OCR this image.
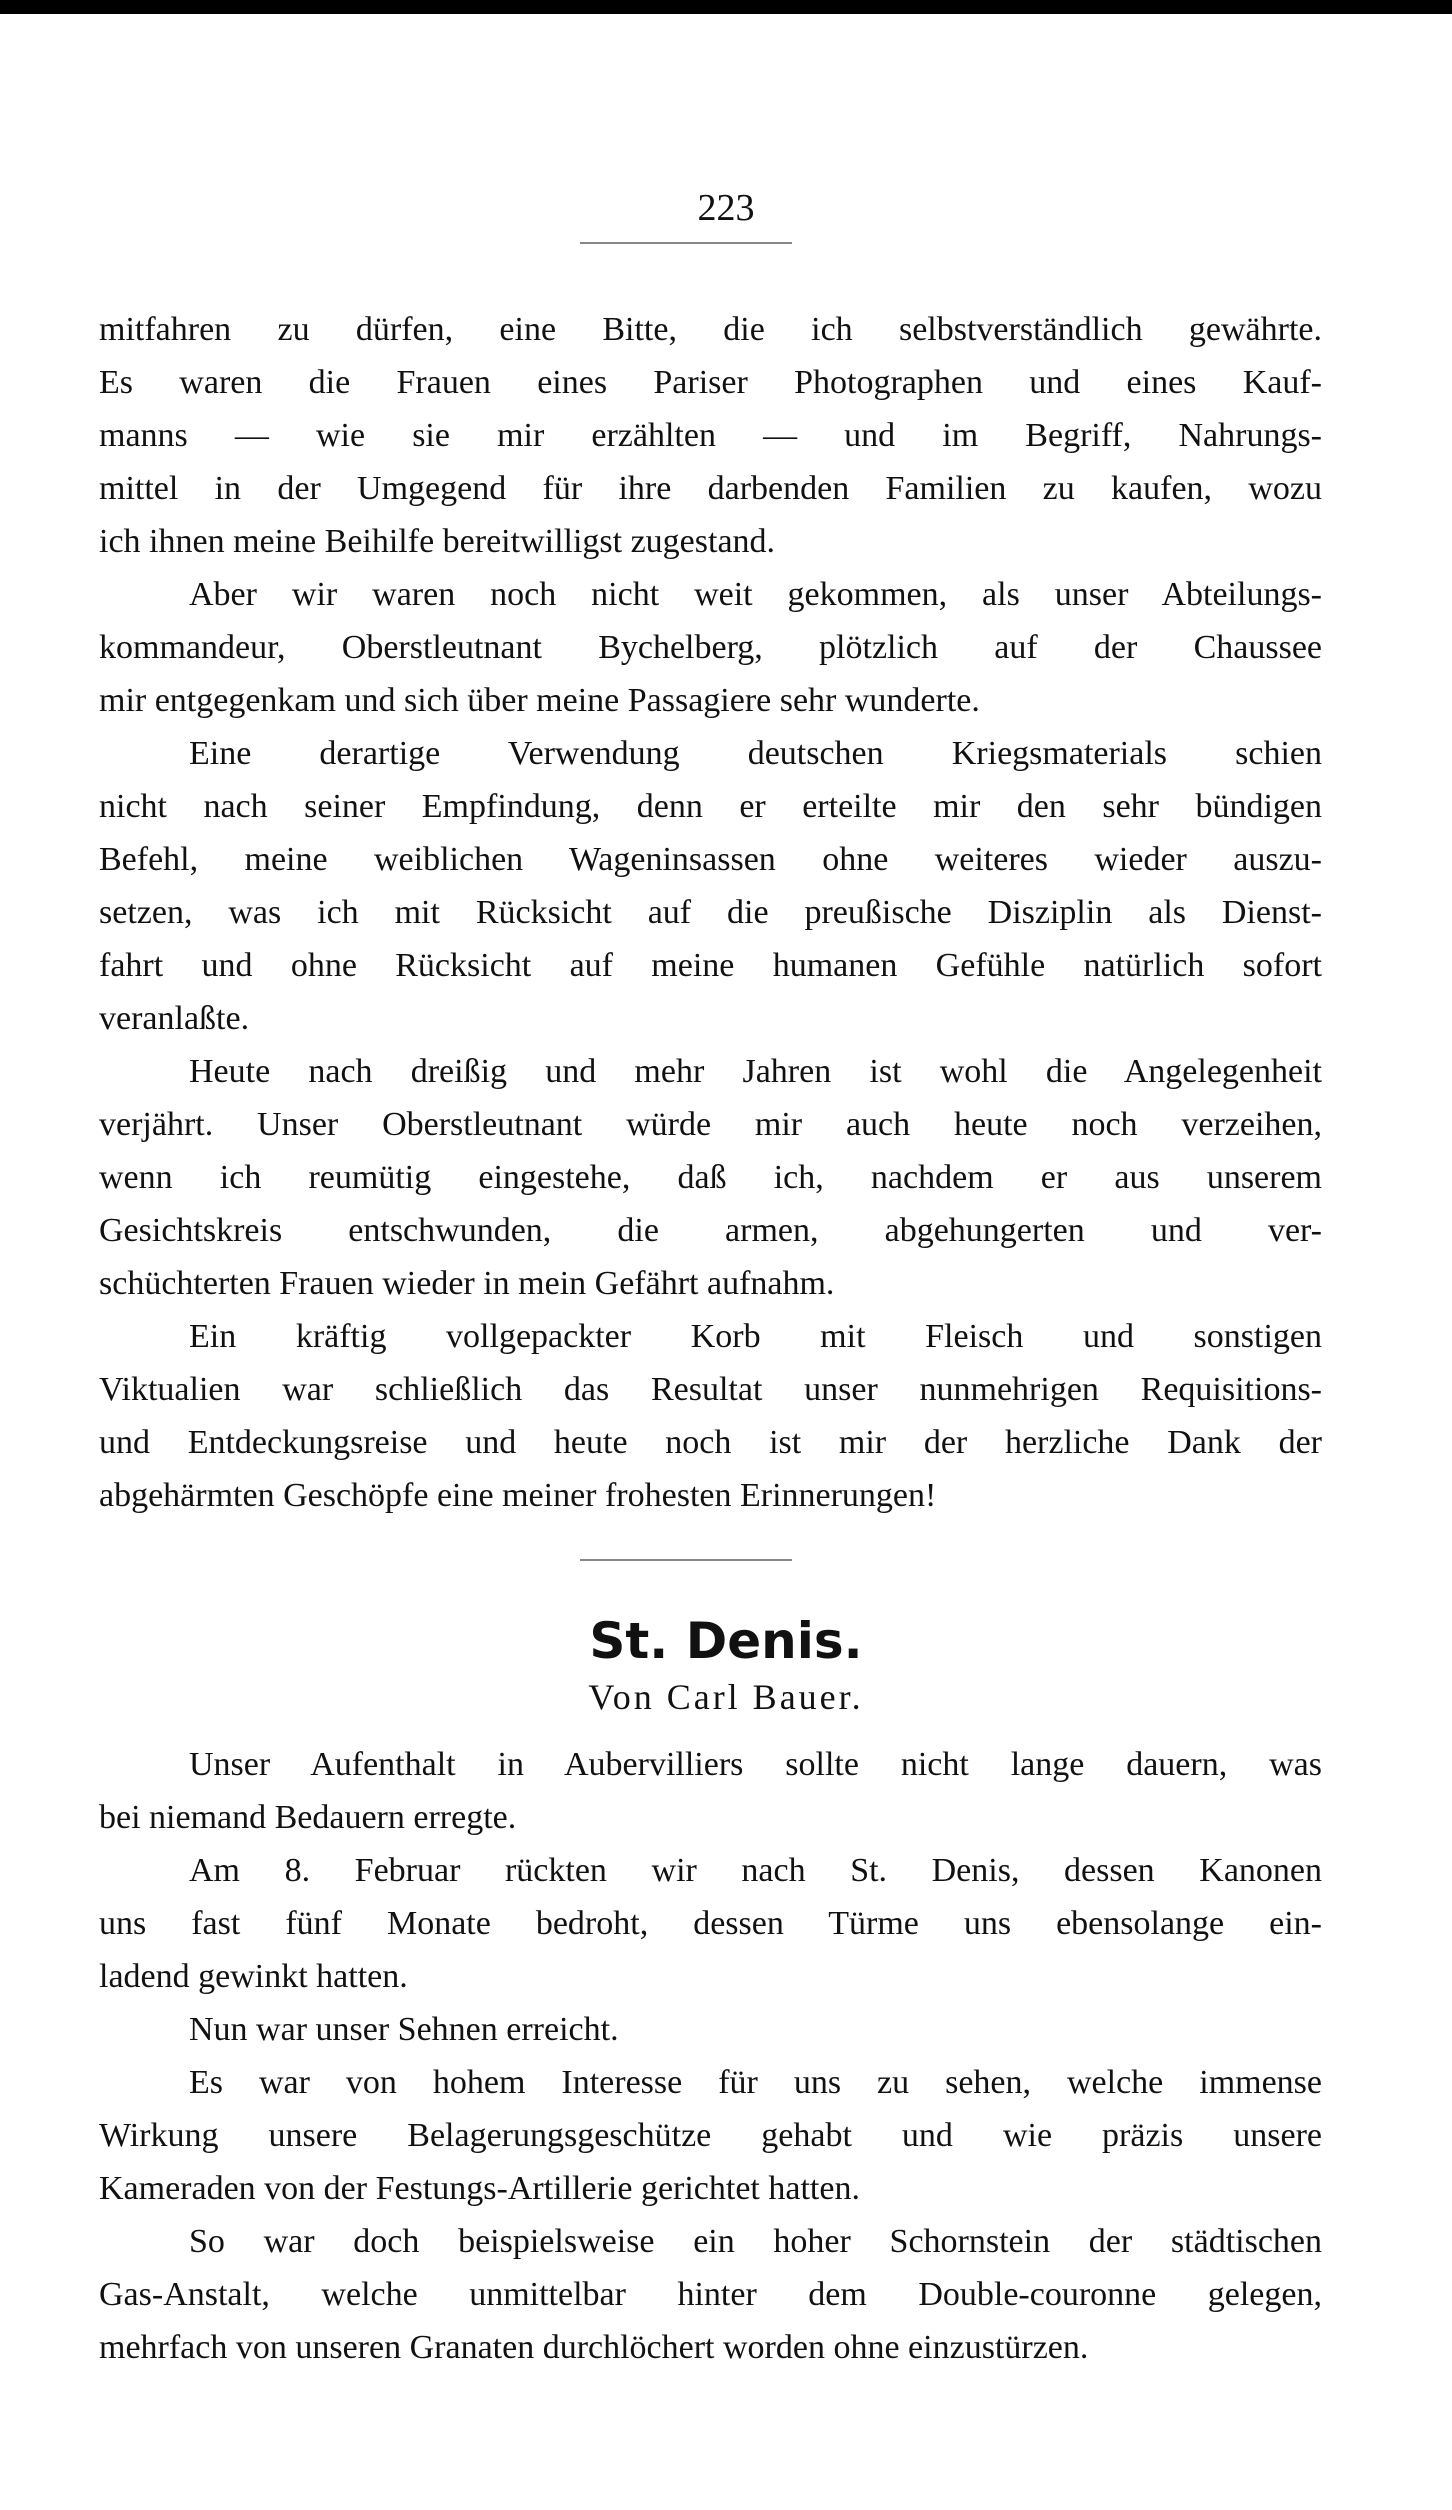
223
mitfahren zu dürfen, eine Bitte, die ich selbstverständlich gewährte.
Es waren die Frauen eines Pariser Photographen und eines Kauf-
manns — wie sie mir erzählten — und im Begriff, Nahrungs-
mittel in der Umgegend für ihre darbenden Familien zu kaufen, wozu
ich ihnen meine Beihilfe bereitwilligst zugestand.
Aber wir waren noch nicht weit gekommen, als unser Abteilungs-
kommandeur, Oberstleutnant Bychelberg, plötzlich auf der Chaussee
mir entgegenkam und sich über meine Passagiere sehr wunderte.
Eine derartige Verwendung deutschen Kriegsmaterials schien
nicht nach seiner Empfindung, denn er erteilte mir den sehr bündigen
Befehl, meine weiblichen Wageninsassen ohne weiteres wieder auszu-
setzen, was ich mit Rücksicht auf die preußische Disziplin als Dienst-
fahrt und ohne Rücksicht auf meine humanen Gefühle natürlich sofort
veranlaßte.
Heute nach dreißig und mehr Jahren ist wohl die Angelegenheit
verjährt. Unser Oberstleutnant würde mir auch heute noch verzeihen,
wenn ich reumütig eingestehe, daß ich, nachdem er aus unserem
Gesichtskreis entschwunden, die armen, abgehungerten und ver-
schüchterten Frauen wieder in mein Gefährt aufnahm.
Ein kräftig vollgepackter Korb mit Fleisch und sonstigen
Viktualien war schließlich das Resultat unser nunmehrigen Requisitions-
und Entdeckungsreise und heute noch ist mir der herzliche Dank der
abgehärmten Geschöpfe eine meiner frohesten Erinnerungen!
St. Denis.
Von Carl Bauer.
Unser Aufenthalt in Aubervilliers sollte nicht lange dauern, was
bei niemand Bedauern erregte.
Am 8. Februar rückten wir nach St. Denis, dessen Kanonen
uns fast fünf Monate bedroht, dessen Türme uns ebensolange ein-
ladend gewinkt hatten.
Nun war unser Sehnen erreicht.
Es war von hohem Interesse für uns zu sehen, welche immense
Wirkung unsere Belagerungsgeschütze gehabt und wie präzis unsere
Kameraden von der Festungs-Artillerie gerichtet hatten.
So war doch beispielsweise ein hoher Schornstein der städtischen
Gas-Anstalt, welche unmittelbar hinter dem Double-couronne gelegen,
mehrfach von unseren Granaten durchlöchert worden ohne einzustürzen.
